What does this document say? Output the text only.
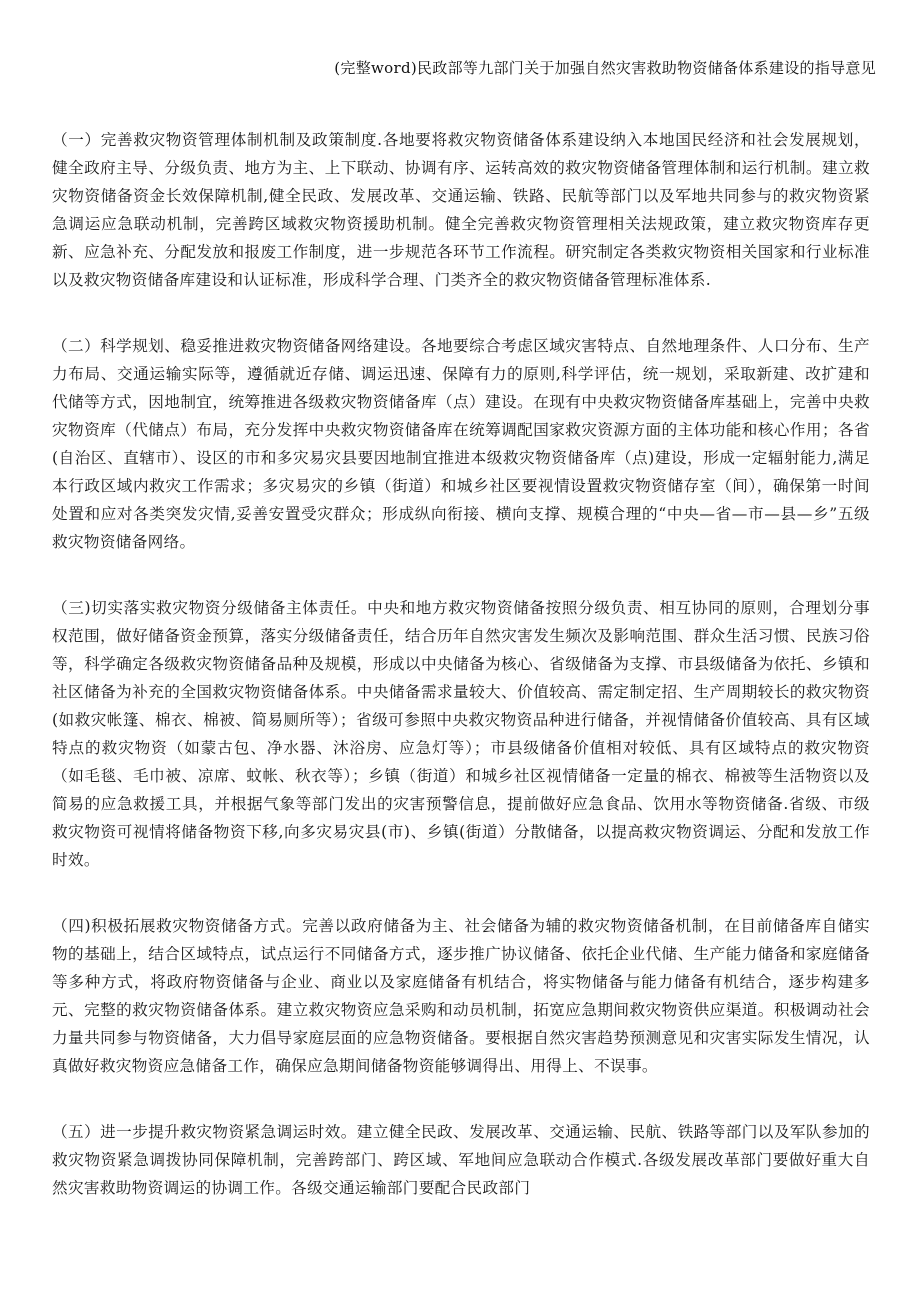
(完整word)民政部等九部门关于加强自然灾害救助物资储备体系建设的指导意见

（一）完善救灾物资管理体制机制及政策制度.各地要将救灾物资储备体系建设纳入本地国民经济和社会发展规划，健全政府主导、分级负责、地方为主、上下联动、协调有序、运转高效的救灾物资储备管理体制和运行机制。建立救灾物资储备资金长效保障机制,健全民政、发展改革、交通运输、铁路、民航等部门以及军地共同参与的救灾物资紧急调运应急联动机制，完善跨区域救灾物资援助机制。健全完善救灾物资管理相关法规政策，建立救灾物资库存更新、应急补充、分配发放和报废工作制度，进一步规范各环节工作流程。研究制定各类救灾物资相关国家和行业标准以及救灾物资储备库建设和认证标准，形成科学合理、门类齐全的救灾物资储备管理标准体系.

（二）科学规划、稳妥推进救灾物资储备网络建设。各地要综合考虑区域灾害特点、自然地理条件、人口分布、生产力布局、交通运输实际等，遵循就近存储、调运迅速、保障有力的原则,科学评估，统一规划，采取新建、改扩建和代储等方式，因地制宜，统筹推进各级救灾物资储备库（点）建设。在现有中央救灾物资储备库基础上，完善中央救灾物资库（代储点）布局，充分发挥中央救灾物资储备库在统筹调配国家救灾资源方面的主体功能和核心作用；各省(自治区、直辖市）、设区的市和多灾易灾县要因地制宜推进本级救灾物资储备库（点)建设，形成一定辐射能力,满足本行政区域内救灾工作需求；多灾易灾的乡镇（街道）和城乡社区要视情设置救灾物资储存室（间），确保第一时间处置和应对各类突发灾情,妥善安置受灾群众；形成纵向衔接、横向支撑、规模合理的“中央—省—市—县—乡”五级救灾物资储备网络。

（三)切实落实救灾物资分级储备主体责任。中央和地方救灾物资储备按照分级负责、相互协同的原则，合理划分事权范围，做好储备资金预算，落实分级储备责任，结合历年自然灾害发生频次及影响范围、群众生活习惯、民族习俗等，科学确定各级救灾物资储备品种及规模，形成以中央储备为核心、省级储备为支撑、市县级储备为依托、乡镇和社区储备为补充的全国救灾物资储备体系。中央储备需求量较大、价值较高、需定制定招、生产周期较长的救灾物资(如救灾帐篷、棉衣、棉被、简易厕所等）；省级可参照中央救灾物资品种进行储备，并视情储备价值较高、具有区域特点的救灾物资（如蒙古包、净水器、沐浴房、应急灯等）；市县级储备价值相对较低、具有区域特点的救灾物资（如毛毯、毛巾被、凉席、蚊帐、秋衣等）；乡镇（街道）和城乡社区视情储备一定量的棉衣、棉被等生活物资以及简易的应急救援工具，并根据气象等部门发出的灾害预警信息，提前做好应急食品、饮用水等物资储备.省级、市级救灾物资可视情将储备物资下移,向多灾易灾县(市)、乡镇(街道）分散储备，以提高救灾物资调运、分配和发放工作时效。

（四)积极拓展救灾物资储备方式。完善以政府储备为主、社会储备为辅的救灾物资储备机制，在目前储备库自储实物的基础上，结合区域特点，试点运行不同储备方式，逐步推广协议储备、依托企业代储、生产能力储备和家庭储备等多种方式，将政府物资储备与企业、商业以及家庭储备有机结合，将实物储备与能力储备有机结合，逐步构建多元、完整的救灾物资储备体系。建立救灾物资应急采购和动员机制，拓宽应急期间救灾物资供应渠道。积极调动社会力量共同参与物资储备，大力倡导家庭层面的应急物资储备。要根据自然灾害趋势预测意见和灾害实际发生情况，认真做好救灾物资应急储备工作，确保应急期间储备物资能够调得出、用得上、不误事。

（五）进一步提升救灾物资紧急调运时效。建立健全民政、发展改革、交通运输、民航、铁路等部门以及军队参加的救灾物资紧急调拨协同保障机制，完善跨部门、跨区域、军地间应急联动合作模式.各级发展改革部门要做好重大自然灾害救助物资调运的协调工作。各级交通运输部门要配合民政部门
